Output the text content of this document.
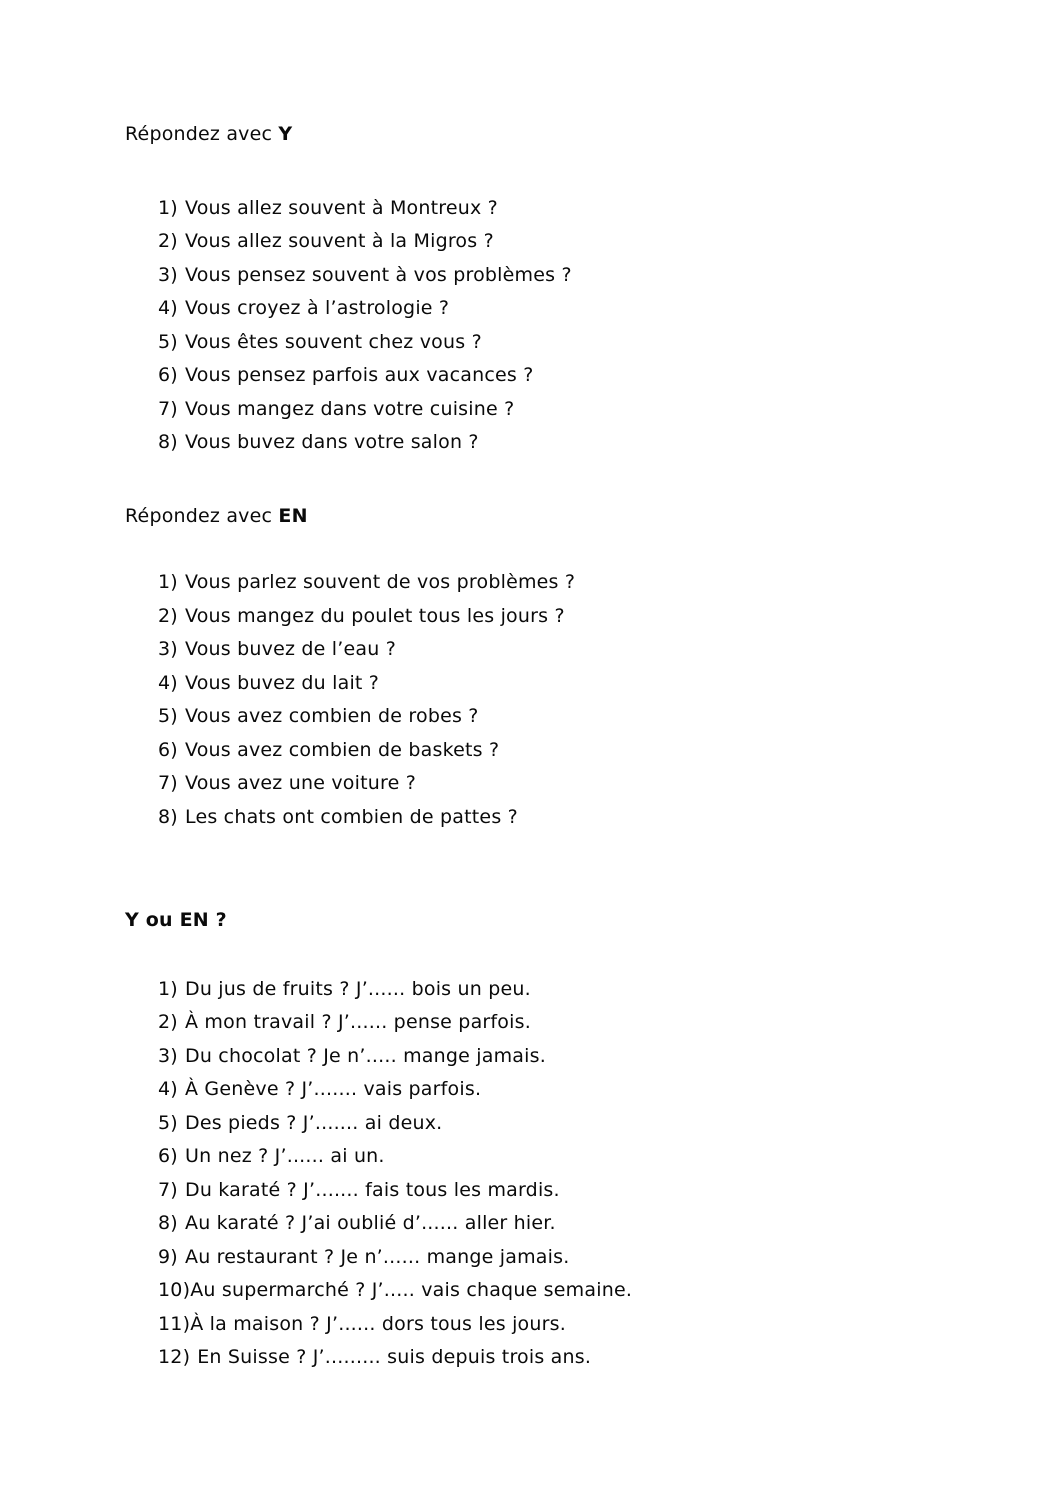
Répondez avec Y

1) Vous allez souvent à Montreux ?
2) Vous allez souvent à la Migros ?
3) Vous pensez souvent à vos problèmes ?
4) Vous croyez à l’astrologie ?
5) Vous êtes souvent chez vous ?
6) Vous pensez parfois aux vacances ?
7) Vous mangez dans votre cuisine ?
8) Vous buvez dans votre salon ?

Répondez avec EN

1) Vous parlez souvent de vos problèmes ?
2) Vous mangez du poulet tous les jours ?
3) Vous buvez de l’eau ?
4) Vous buvez du lait ?
5) Vous avez combien de robes ?
6) Vous avez combien de baskets ?
7) Vous avez une voiture ?
8) Les chats ont combien de pattes ?

Y ou EN ?

1) Du jus de fruits ? J’...... bois un peu.
2) À mon travail ? J’...... pense parfois.
3) Du chocolat ? Je n’..... mange jamais.
4) À Genève ? J’....... vais parfois.
5) Des pieds ? J’....... ai deux.
6) Un nez ? J’...... ai un.
7) Du karaté ? J’....... fais tous les mardis.
8) Au karaté ? J’ai oublié d’...... aller hier.
9) Au restaurant ? Je n’...... mange jamais.
10) Au supermarché ? J’..... vais chaque semaine.
11) À la maison ? J’...... dors tous les jours.
12) En Suisse ? J’......... suis depuis trois ans.
